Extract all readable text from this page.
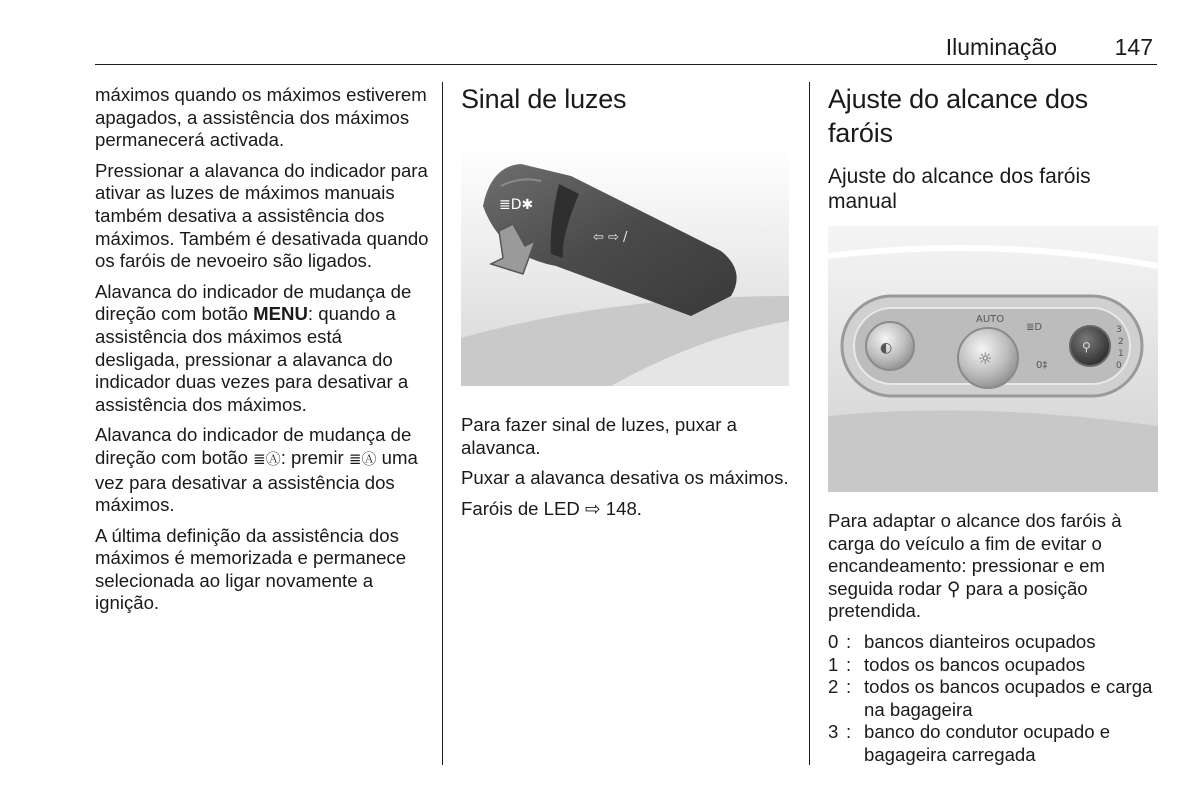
Iluminação	147

máximos quando os máximos estiverem apagados, a assistência dos máximos permanecerá activada.

Pressionar a alavanca do indicador para ativar as luzes de máximos manuais também desativa a assistência dos máximos. Também é desativada quando os faróis de nevoeiro são ligados.

Alavanca do indicador de mudança de direção com botão MENU: quando a assistência dos máximos está desligada, pressionar a alavanca do indicador duas vezes para desativar a assistência dos máximos.

Alavanca do indicador de mudança de direção com botão ≣Ⓐ: premir ≣Ⓐ uma vez para desativar a assistência dos máximos.

A última definição da assistência dos máximos é memorizada e permanece selecionada ao ligar novamente a ignição.

Sinal de luzes
≣D✱
⇦ ⇨ /

Para fazer sinal de luzes, puxar a alavanca.

Puxar a alavanca desativa os máximos.

Faróis de LED ⇨ 148.

Ajuste do alcance dos faróis
Ajuste do alcance dos faróis manual
◐
☼
AUTO
≣D
0‡
⚲
3
2
1
0

Para adaptar o alcance dos faróis à carga do veículo a fim de evitar o encandeamento: pressionar e em seguida rodar ⚲ para a posição pretendida.

0 : bancos dianteiros ocupados
1 : todos os bancos ocupados
2 : todos os bancos ocupados e carga na bagageira
3 : banco do condutor ocupado e bagageira carregada
